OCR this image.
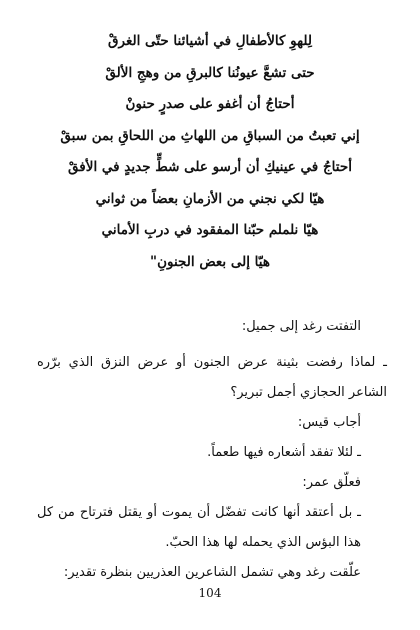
لِلهوِ كالأطفالِ في أشيائنا حتّى الغرقْ
حتى تشعَّ عيونُنا كالبرقِ من وهجِ الألقْ
أحتاجُ أن أغفو على صدرٍ حنونْ
إني تعبتُ من السباقِ من اللهاثِ من اللحاقِ بمن سبقْ
أحتاجُ في عينيكِ أن أرسو على شطٍّ جديدٍ في الأفقْ
هيّا لكي نجني من الأزمانِ بعضاً من ثواني
هيّا نلملم حبّنا المفقود في دربِ الأماني
هيّا إلى بعض الجنونِ"

التفتت رغد إلى جميل:

ـ لماذا رفضت بثينة عرض الجنون أو عرض النزق الذي برّره الشاعر الحجازي أجمل تبرير؟

أجاب قيس:

ـ لئلا تفقد أشعاره فيها طعماً.

فعلّق عمر:

ـ بل أعتقد أنها كانت تفضّل أن يموت أو يقتل فترتاح من كل هذا البؤس الذي يحمله لها هذا الحبّ.

علّقت رغد وهي تشمل الشاعرين العذريين بنظرة تقدير:

104
